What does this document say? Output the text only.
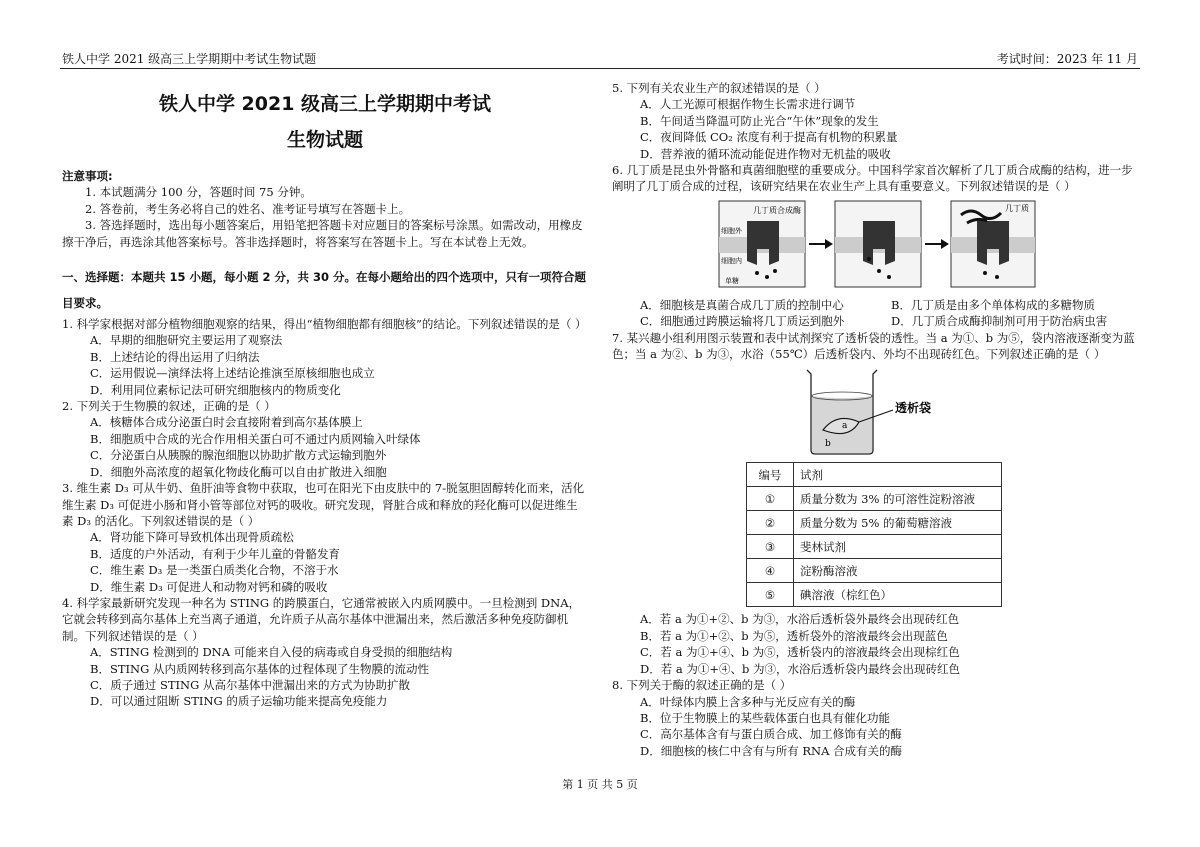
铁人中学 2021 级高三上学期期中考试生物试题	考试时间：2023 年 11 月
铁人中学 2021 级高三上学期期中考试
生物试题
注意事项:
1. 本试题满分 100 分，答题时间 75 分钟。
2. 答卷前，考生务必将自己的姓名、准考证号填写在答题卡上。
3. 答选择题时，选出每小题答案后，用铅笔把答题卡对应题目的答案标号涂黑。如需改动，用橡皮擦干净后，再选涂其他答案标号。答非选择题时，将答案写在答题卡上。写在本试卷上无效。
一、选择题：本题共 15 小题，每小题 2 分，共 30 分。在每小题给出的四个选项中，只有一项符合题目要求。
1. 科学家根据对部分植物细胞观察的结果，得出“植物细胞都有细胞核”的结论。下列叙述错误的是（ ）
A．早期的细胞研究主要运用了观察法
B．上述结论的得出运用了归纳法
C．运用假说—演绎法将上述结论推演至原核细胞也成立
D．利用同位素标记法可研究细胞核内的物质变化
2. 下列关于生物膜的叙述，正确的是（ ）
A．核糖体合成分泌蛋白时会直接附着到高尔基体膜上
B．细胞质中合成的光合作用相关蛋白可不通过内质网输入叶绿体
C．分泌蛋白从胰腺的腺泡细胞以协助扩散方式运输到胞外
D．细胞外高浓度的超氧化物歧化酶可以自由扩散进入细胞
3. 维生素 D₃ 可从牛奶、鱼肝油等食物中获取，也可在阳光下由皮肤中的 7-脱氢胆固醇转化而来，活化维生素 D₃ 可促进小肠和肾小管等部位对钙的吸收。研究发现，肾脏合成和释放的羟化酶可以促进维生素 D₃ 的活化。下列叙述错误的是（ ）
A．肾功能下降可导致机体出现骨质疏松
B．适度的户外活动，有利于少年儿童的骨骼发育
C．维生素 D₃ 是一类蛋白质类化合物，不溶于水
D．维生素 D₃ 可促进人和动物对钙和磷的吸收
4. 科学家最新研究发现一种名为 STING 的跨膜蛋白，它通常被嵌入内质网膜中。一旦检测到 DNA，它就会转移到高尔基体上充当离子通道，允许质子从高尔基体中泄漏出来，然后激活多种免疫防御机制。下列叙述错误的是（ ）
A．STING 检测到的 DNA 可能来自入侵的病毒或自身受损的细胞结构
B．STING 从内质网转移到高尔基体的过程体现了生物膜的流动性
C．质子通过 STING 从高尔基体中泄漏出来的方式为协助扩散
D．可以通过阻断 STING 的质子运输功能来提高免疫能力
5. 下列有关农业生产的叙述错误的是（ ）
A．人工光源可根据作物生长需求进行调节
B．午间适当降温可防止光合“午休”现象的发生
C．夜间降低 CO₂ 浓度有利于提高有机物的积累量
D．营养液的循环流动能促进作物对无机盐的吸收
6. 几丁质是昆虫外骨骼和真菌细胞壁的重要成分。中国科学家首次解析了几丁质合成酶的结构，进一步阐明了几丁质合成的过程，该研究结果在农业生产上具有重要意义。下列叙述错误的是（ ）
几丁质合成酶
细胞外
细胞内
单糖
几丁质
A．细胞核是真菌合成几丁质的控制中心	B．几丁质是由多个单体构成的多糖物质
C．细胞通过跨膜运输将几丁质运到胞外	D．几丁质合成酶抑制剂可用于防治病虫害
7. 某兴趣小组利用图示装置和表中试剂探究了透析袋的透性。当 a 为①、b 为⑤，袋内溶液逐渐变为蓝色；当 a 为②、b 为③，水浴（55℃）后透析袋内、外均不出现砖红色。下列叙述正确的是（ ）
a
b
透析袋
编号	试剂
①	质量分数为 3% 的可溶性淀粉溶液
②	质量分数为 5% 的葡萄糖溶液
③	斐林试剂
④	淀粉酶溶液
⑤	碘溶液（棕红色）
A．若 a 为①+②、b 为③，水浴后透析袋外最终会出现砖红色
B．若 a 为①+②、b 为⑤，透析袋外的溶液最终会出现蓝色
C．若 a 为①+④、b 为⑤，透析袋内的溶液最终会出现棕红色
D．若 a 为①+④、b 为③，水浴后透析袋内最终会出现砖红色
8. 下列关于酶的叙述正确的是（ ）
A．叶绿体内膜上含多种与光反应有关的酶
B．位于生物膜上的某些载体蛋白也具有催化功能
C．高尔基体含有与蛋白质合成、加工修饰有关的酶
D．细胞核的核仁中含有与所有 RNA 合成有关的酶
第 1 页 共 5 页
